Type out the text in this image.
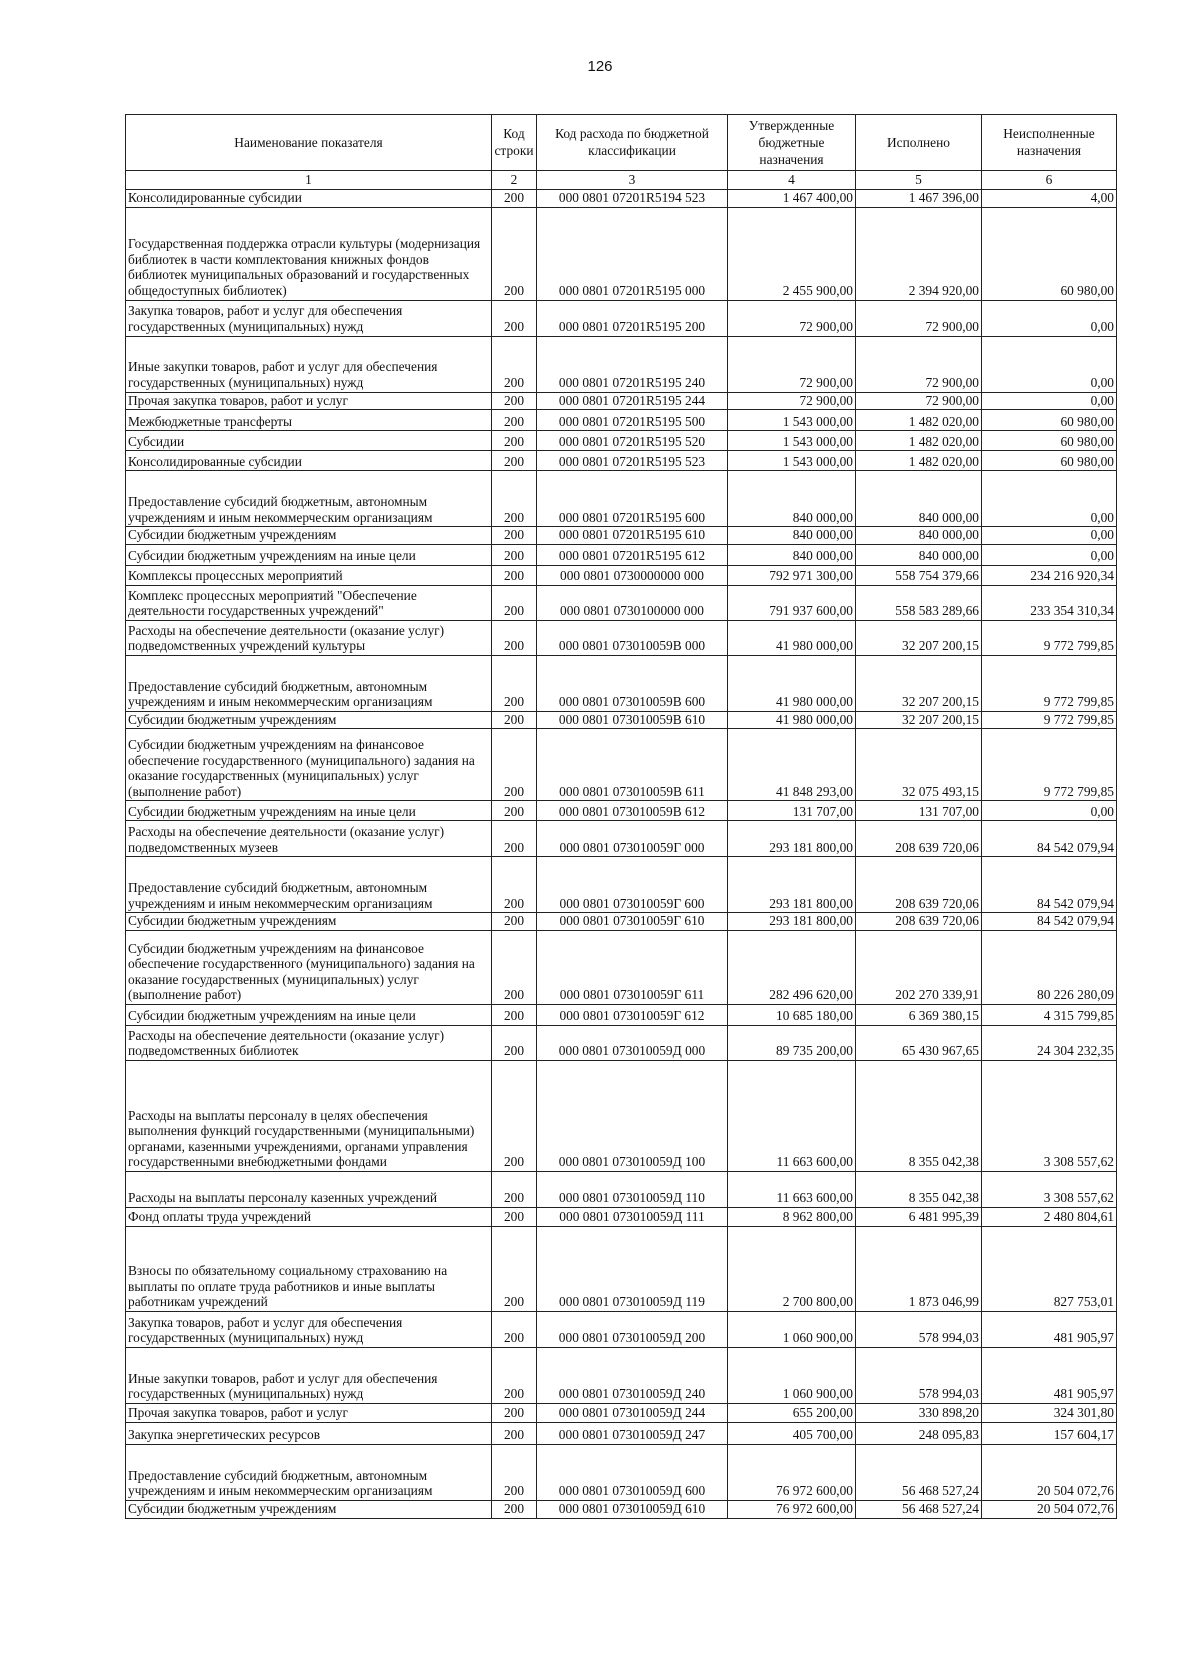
126
Наименование показателя	Код строки	Код расхода по бюджетной классификации	Утвержденные бюджетные назначения	Исполнено	Неисполненные назначения
1	2	3	4	5	6
Консолидированные субсидии	200	000 0801 07201R5194 523	1 467 400,00	1 467 396,00	4,00
Государственная поддержка отрасли культуры (модернизация библиотек в части комплектования книжных фондов библиотек муниципальных образований и государственных общедоступных библиотек)	200	000 0801 07201R5195 000	2 455 900,00	2 394 920,00	60 980,00
Закупка товаров, работ и услуг для обеспечения государственных (муниципальных) нужд	200	000 0801 07201R5195 200	72 900,00	72 900,00	0,00
Иные закупки товаров, работ и услуг для обеспечения государственных (муниципальных) нужд	200	000 0801 07201R5195 240	72 900,00	72 900,00	0,00
Прочая закупка товаров, работ и услуг	200	000 0801 07201R5195 244	72 900,00	72 900,00	0,00
Межбюджетные трансферты	200	000 0801 07201R5195 500	1 543 000,00	1 482 020,00	60 980,00
Субсидии	200	000 0801 07201R5195 520	1 543 000,00	1 482 020,00	60 980,00
Консолидированные субсидии	200	000 0801 07201R5195 523	1 543 000,00	1 482 020,00	60 980,00
Предоставление субсидий бюджетным, автономным учреждениям и иным некоммерческим организациям	200	000 0801 07201R5195 600	840 000,00	840 000,00	0,00
Субсидии бюджетным учреждениям	200	000 0801 07201R5195 610	840 000,00	840 000,00	0,00
Субсидии бюджетным учреждениям на иные цели	200	000 0801 07201R5195 612	840 000,00	840 000,00	0,00
Комплексы процессных мероприятий	200	000 0801 0730000000 000	792 971 300,00	558 754 379,66	234 216 920,34
Комплекс процессных мероприятий "Обеспечение деятельности государственных учреждений"	200	000 0801 0730100000 000	791 937 600,00	558 583 289,66	233 354 310,34
Расходы на обеспечение деятельности (оказание услуг) подведомственных учреждений культуры	200	000 0801 073010059В 000	41 980 000,00	32 207 200,15	9 772 799,85
Предоставление субсидий бюджетным, автономным учреждениям и иным некоммерческим организациям	200	000 0801 073010059В 600	41 980 000,00	32 207 200,15	9 772 799,85
Субсидии бюджетным учреждениям	200	000 0801 073010059В 610	41 980 000,00	32 207 200,15	9 772 799,85
Субсидии бюджетным учреждениям на финансовое обеспечение государственного (муниципального) задания на оказание государственных (муниципальных) услуг (выполнение работ)	200	000 0801 073010059В 611	41 848 293,00	32 075 493,15	9 772 799,85
Субсидии бюджетным учреждениям на иные цели	200	000 0801 073010059В 612	131 707,00	131 707,00	0,00
Расходы на обеспечение деятельности (оказание услуг) подведомственных музеев	200	000 0801 073010059Г 000	293 181 800,00	208 639 720,06	84 542 079,94
Предоставление субсидий бюджетным, автономным учреждениям и иным некоммерческим организациям	200	000 0801 073010059Г 600	293 181 800,00	208 639 720,06	84 542 079,94
Субсидии бюджетным учреждениям	200	000 0801 073010059Г 610	293 181 800,00	208 639 720,06	84 542 079,94
Субсидии бюджетным учреждениям на финансовое обеспечение государственного (муниципального) задания на оказание государственных (муниципальных) услуг (выполнение работ)	200	000 0801 073010059Г 611	282 496 620,00	202 270 339,91	80 226 280,09
Субсидии бюджетным учреждениям на иные цели	200	000 0801 073010059Г 612	10 685 180,00	6 369 380,15	4 315 799,85
Расходы на обеспечение деятельности (оказание услуг) подведомственных библиотек	200	000 0801 073010059Д 000	89 735 200,00	65 430 967,65	24 304 232,35
Расходы на выплаты персоналу в целях обеспечения выполнения функций государственными (муниципальными) органами, казенными учреждениями, органами управления государственными внебюджетными фондами	200	000 0801 073010059Д 100	11 663 600,00	8 355 042,38	3 308 557,62
Расходы на выплаты персоналу казенных учреждений	200	000 0801 073010059Д 110	11 663 600,00	8 355 042,38	3 308 557,62
Фонд оплаты труда учреждений	200	000 0801 073010059Д 111	8 962 800,00	6 481 995,39	2 480 804,61
Взносы по обязательному социальному страхованию на выплаты по оплате труда работников и иные выплаты работникам учреждений	200	000 0801 073010059Д 119	2 700 800,00	1 873 046,99	827 753,01
Закупка товаров, работ и услуг для обеспечения государственных (муниципальных) нужд	200	000 0801 073010059Д 200	1 060 900,00	578 994,03	481 905,97
Иные закупки товаров, работ и услуг для обеспечения государственных (муниципальных) нужд	200	000 0801 073010059Д 240	1 060 900,00	578 994,03	481 905,97
Прочая закупка товаров, работ и услуг	200	000 0801 073010059Д 244	655 200,00	330 898,20	324 301,80
Закупка энергетических ресурсов	200	000 0801 073010059Д 247	405 700,00	248 095,83	157 604,17
Предоставление субсидий бюджетным, автономным учреждениям и иным некоммерческим организациям	200	000 0801 073010059Д 600	76 972 600,00	56 468 527,24	20 504 072,76
Субсидии бюджетным учреждениям	200	000 0801 073010059Д 610	76 972 600,00	56 468 527,24	20 504 072,76
